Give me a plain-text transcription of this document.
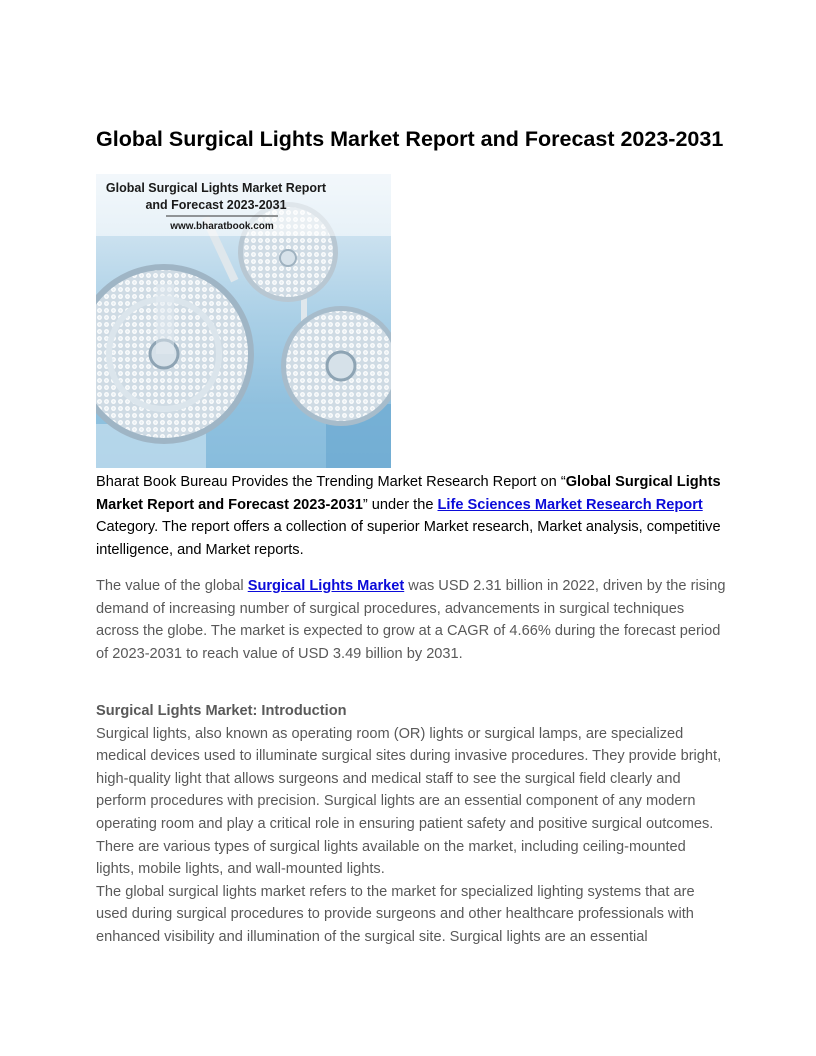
Global Surgical Lights Market Report and Forecast 2023-2031
Global Surgical Lights Market Report
and Forecast 2023-2031
www.bharatbook.com

Bharat Book Bureau Provides the Trending Market Research Report on “Global Surgical Lights Market Report and Forecast 2023-2031” under the Life Sciences Market Research Report Category. The report offers a collection of superior Market research, Market analysis, competitive intelligence, and Market reports.

The value of the global Surgical Lights Market was USD 2.31 billion in 2022, driven by the rising demand of increasing number of surgical procedures, advancements in surgical techniques across the globe. The market is expected to grow at a CAGR of 4.66% during the forecast period of 2023-2031 to reach value of USD 3.49 billion by 2031.

Surgical Lights Market: Introduction
Surgical lights, also known as operating room (OR) lights or surgical lamps, are specialized medical devices used to illuminate surgical sites during invasive procedures. They provide bright, high-quality light that allows surgeons and medical staff to see the surgical field clearly and perform procedures with precision. Surgical lights are an essential component of any modern operating room and play a critical role in ensuring patient safety and positive surgical outcomes. There are various types of surgical lights available on the market, including ceiling-mounted lights, mobile lights, and wall-mounted lights.
The global surgical lights market refers to the market for specialized lighting systems that are used during surgical procedures to provide surgeons and other healthcare professionals with enhanced visibility and illumination of the surgical site. Surgical lights are an essential
